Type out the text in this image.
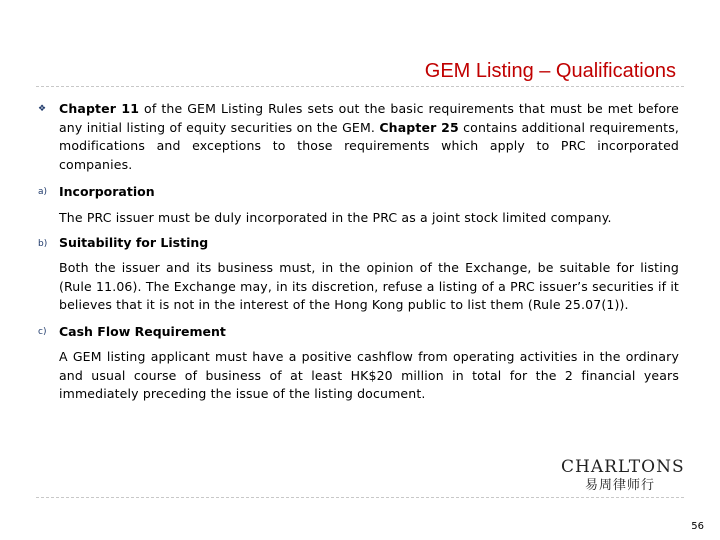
GEM Listing – Qualifications
❖ Chapter 11 of the GEM Listing Rules sets out the basic requirements that must be met before any initial listing of equity securities on the GEM. Chapter 25 contains additional requirements, modifications and exceptions to those requirements which apply to PRC incorporated companies.
a) Incorporation
The PRC issuer must be duly incorporated in the PRC as a joint stock limited company.
b) Suitability for Listing
Both the issuer and its business must, in the opinion of the Exchange, be suitable for listing (Rule 11.06). The Exchange may, in its discretion, refuse a listing of a PRC issuer’s securities if it believes that it is not in the interest of the Hong Kong public to list them (Rule 25.07(1)).
c) Cash Flow Requirement
A GEM listing applicant must have a positive cashflow from operating activities in the ordinary and usual course of business of at least HK$20 million in total for the 2 financial years immediately preceding the issue of the listing document.
CHARLTONS
易周律师行
56
